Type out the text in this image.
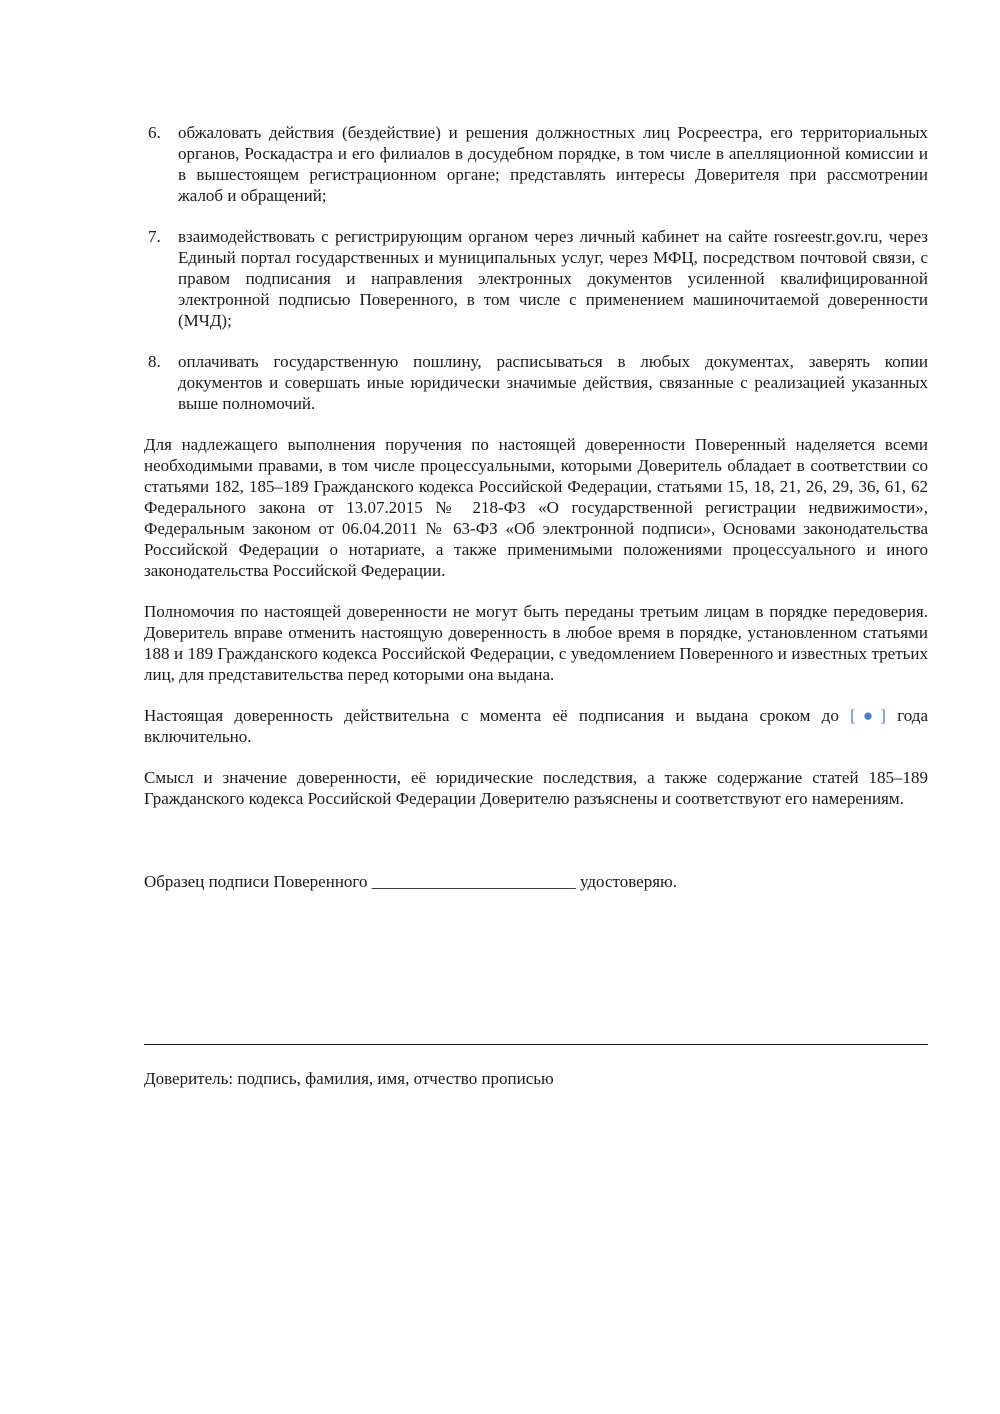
6.	обжаловать действия (бездействие) и решения должностных лиц Росреестра, его территориальных органов, Роскадастра и его филиалов в досудебном порядке, в том числе в апелляционной комиссии и в вышестоящем регистрационном органе; представлять интересы Доверителя при рассмотрении жалоб и обращений;
7.	взаимодействовать с регистрирующим органом через личный кабинет на сайте rosreestr.gov.ru, через Единый портал государственных и муниципальных услуг, через МФЦ, посредством почтовой связи, с правом подписания и направления электронных документов усиленной квалифицированной электронной подписью Поверенного, в том числе с применением машиночитаемой доверенности (МЧД);
8.	оплачивать государственную пошлину, расписываться в любых документах, заверять копии документов и совершать иные юридически значимые действия, связанные с реализацией указанных выше полномочий.

Для надлежащего выполнения поручения по настоящей доверенности Поверенный наделяется всеми необходимыми правами, в том числе процессуальными, которыми Доверитель обладает в соответствии со статьями 182, 185–189 Гражданского кодекса Российской Федерации, статьями 15, 18, 21, 26, 29, 36, 61, 62 Федерального закона от 13.07.2015 № 218-ФЗ «О государственной регистрации недвижимости», Федеральным законом от 06.04.2011 № 63-ФЗ «Об электронной подписи», Основами законодательства Российской Федерации о нотариате, а также применимыми положениями процессуального и иного законодательства Российской Федерации.

Полномочия по настоящей доверенности не могут быть переданы третьим лицам в порядке передоверия. Доверитель вправе отменить настоящую доверенность в любое время в порядке, установленном статьями 188 и 189 Гражданского кодекса Российской Федерации, с уведомлением Поверенного и известных третьих лиц, для представительства перед которыми она выдана.

Настоящая доверенность действительна с момента её подписания и выдана сроком до [●] года включительно.

Смысл и значение доверенности, её юридические последствия, а также содержание статей 185–189 Гражданского кодекса Российской Федерации Доверителю разъяснены и соответствуют его намерениям.

Образец подписи Поверенного ________________________ удостоверяю.
Доверитель: подпись, фамилия, имя, отчество прописью
